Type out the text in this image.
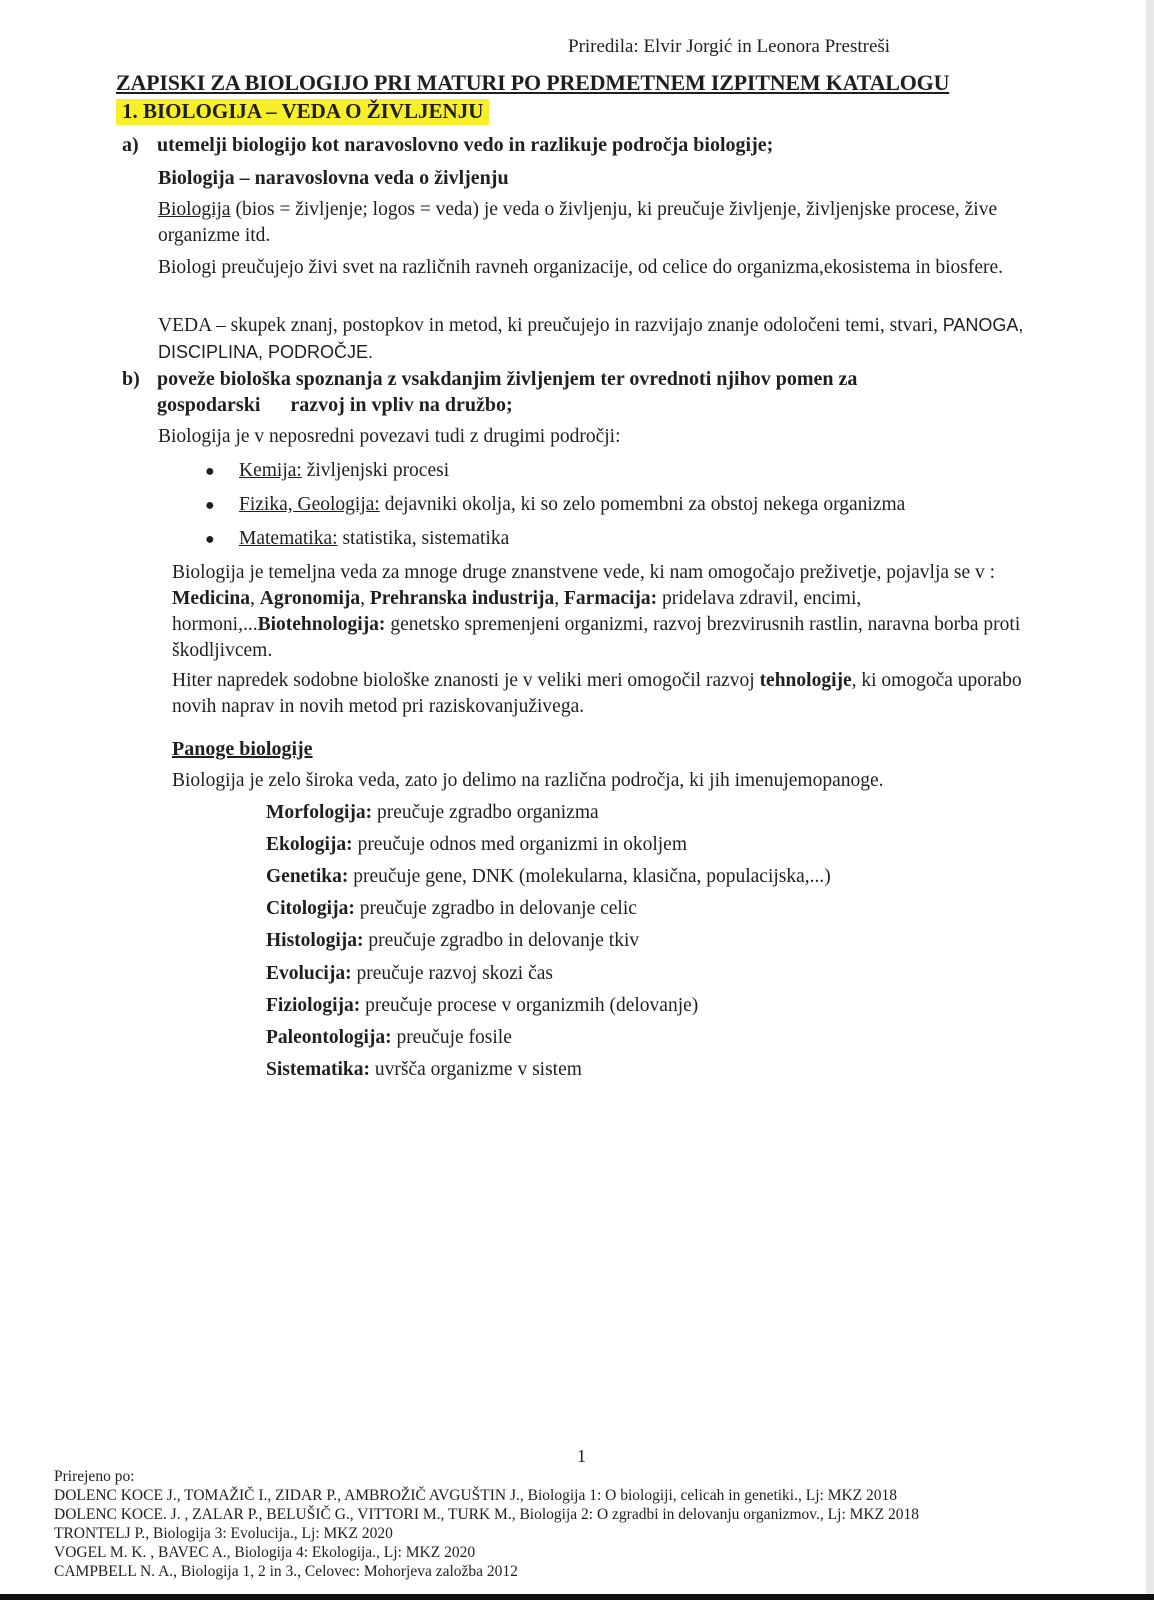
Priredila: Elvir Jorgić in Leonora Prestreši
ZAPISKI ZA BIOLOGIJO PRI MATURI PO PREDMETNEM IZPITNEM KATALOGU
1. BIOLOGIJA – VEDA O ŽIVLJENJU
a) utemelji biologijo kot naravoslovno vedo in razlikuje področja biologije;
Biologija – naravoslovna veda o življenju
Biologija (bios = življenje; logos = veda) je veda o življenju, ki preučuje življenje, življenjske procese, žive organizme itd.
Biologi preučujejo živi svet na različnih ravneh organizacije, od celice do organizma,ekosistema in biosfere.
VEDA – skupek znanj, postopkov in metod, ki preučujejo in razvijajo znanje odoločeni temi, stvari, PANOGA, DISCIPLINA, PODROČJE.
b) poveže biološka spoznanja z vsakdanjim življenjem ter ovrednoti njihov pomen za
gospodarski      razvoj in vpliv na družbo;
Biologija je v neposredni povezavi tudi z drugimi področji:
● Kemija: življenjski procesi
● Fizika, Geologija: dejavniki okolja, ki so zelo pomembni za obstoj nekega organizma
● Matematika: statistika, sistematika
Biologija je temeljna veda za mnoge druge znanstvene vede, ki nam omogočajo preživetje, pojavlja se v : Medicina, Agronomija, Prehranska industrija, Farmacija: pridelava zdravil, encimi, hormoni,...Biotehnologija: genetsko spremenjeni organizmi, razvoj brezvirusnih rastlin, naravna borba proti škodljivcem.
Hiter napredek sodobne biološke znanosti je v veliki meri omogočil razvoj tehnologije, ki omogoča uporabo novih naprav in novih metod pri raziskovanjuživega.
Panoge biologije
Biologija je zelo široka veda, zato jo delimo na različna področja, ki jih imenujemopanoge.
Morfologija: preučuje zgradbo organizma
Ekologija: preučuje odnos med organizmi in okoljem
Genetika: preučuje gene, DNK (molekularna, klasična, populacijska,...)
Citologija: preučuje zgradbo in delovanje celic
Histologija: preučuje zgradbo in delovanje tkiv
Evolucija: preučuje razvoj skozi čas
Fiziologija: preučuje procese v organizmih (delovanje)
Paleontologija: preučuje fosile
Sistematika: uvršča organizme v sistem
1
Prirejeno po:
DOLENC KOCE J., TOMAŽIČ I., ZIDAR P., AMBROŽIČ AVGUŠTIN J., Biologija 1: O biologiji, celicah in genetiki., Lj: MKZ 2018
DOLENC KOCE. J. , ZALAR P., BELUŠIČ G., VITTORI M., TURK M., Biologija 2: O zgradbi in delovanju organizmov., Lj: MKZ 2018
TRONTELJ P., Biologija 3: Evolucija., Lj: MKZ 2020
VOGEL M. K. , BAVEC A., Biologija 4: Ekologija., Lj: MKZ 2020
CAMPBELL N. A., Biologija 1, 2 in 3., Celovec: Mohorjeva založba 2012
